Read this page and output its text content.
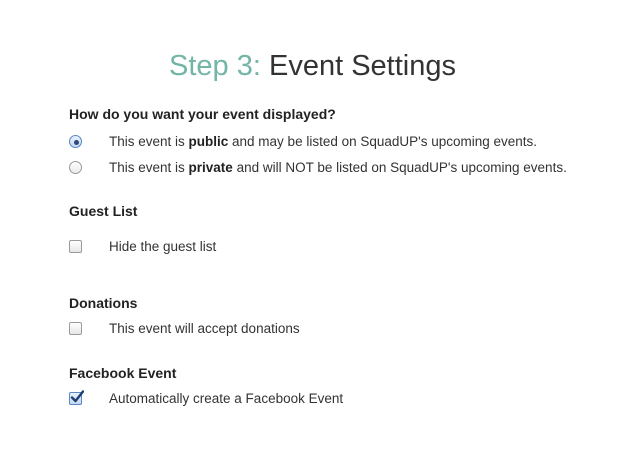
Step 3: Event Settings
How do you want your event displayed?
This event is public and may be listed on SquadUP's upcoming events.
This event is private and will NOT be listed on SquadUP's upcoming events.
Guest List
Hide the guest list
Donations
This event will accept donations
Facebook Event
Automatically create a Facebook Event
